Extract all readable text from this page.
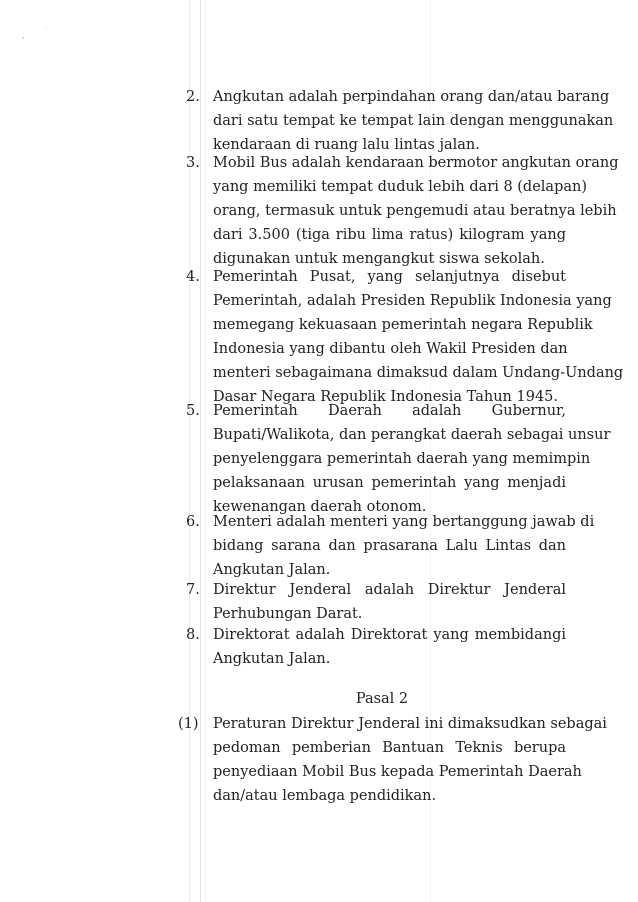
2. Angkutan adalah perpindahan orang dan/atau barang
dari satu tempat ke tempat lain dengan menggunakan
kendaraan di ruang lalu lintas jalan.
3. Mobil Bus adalah kendaraan bermotor angkutan orang
yang memiliki tempat duduk lebih dari 8 (delapan)
orang, termasuk untuk pengemudi atau beratnya lebih
dari 3.500 (tiga ribu lima ratus) kilogram yang
digunakan untuk mengangkut siswa sekolah.
4. Pemerintah Pusat, yang selanjutnya disebut
Pemerintah, adalah Presiden Republik Indonesia yang
memegang kekuasaan pemerintah negara Republik
Indonesia yang dibantu oleh Wakil Presiden dan
menteri sebagaimana dimaksud dalam Undang-Undang
Dasar Negara Republik Indonesia Tahun 1945.
5. Pemerintah Daerah adalah Gubernur,
Bupati/Walikota, dan perangkat daerah sebagai unsur
penyelenggara pemerintah daerah yang memimpin
pelaksanaan urusan pemerintah yang menjadi
kewenangan daerah otonom.
6. Menteri adalah menteri yang bertanggung jawab di
bidang sarana dan prasarana Lalu Lintas dan
Angkutan Jalan.
7. Direktur Jenderal adalah Direktur Jenderal
Perhubungan Darat.
8. Direktorat adalah Direktorat yang membidangi
Angkutan Jalan.
Pasal 2
(1) Peraturan Direktur Jenderal ini dimaksudkan sebagai
pedoman pemberian Bantuan Teknis berupa
penyediaan Mobil Bus kepada Pemerintah Daerah
dan/atau lembaga pendidikan.
